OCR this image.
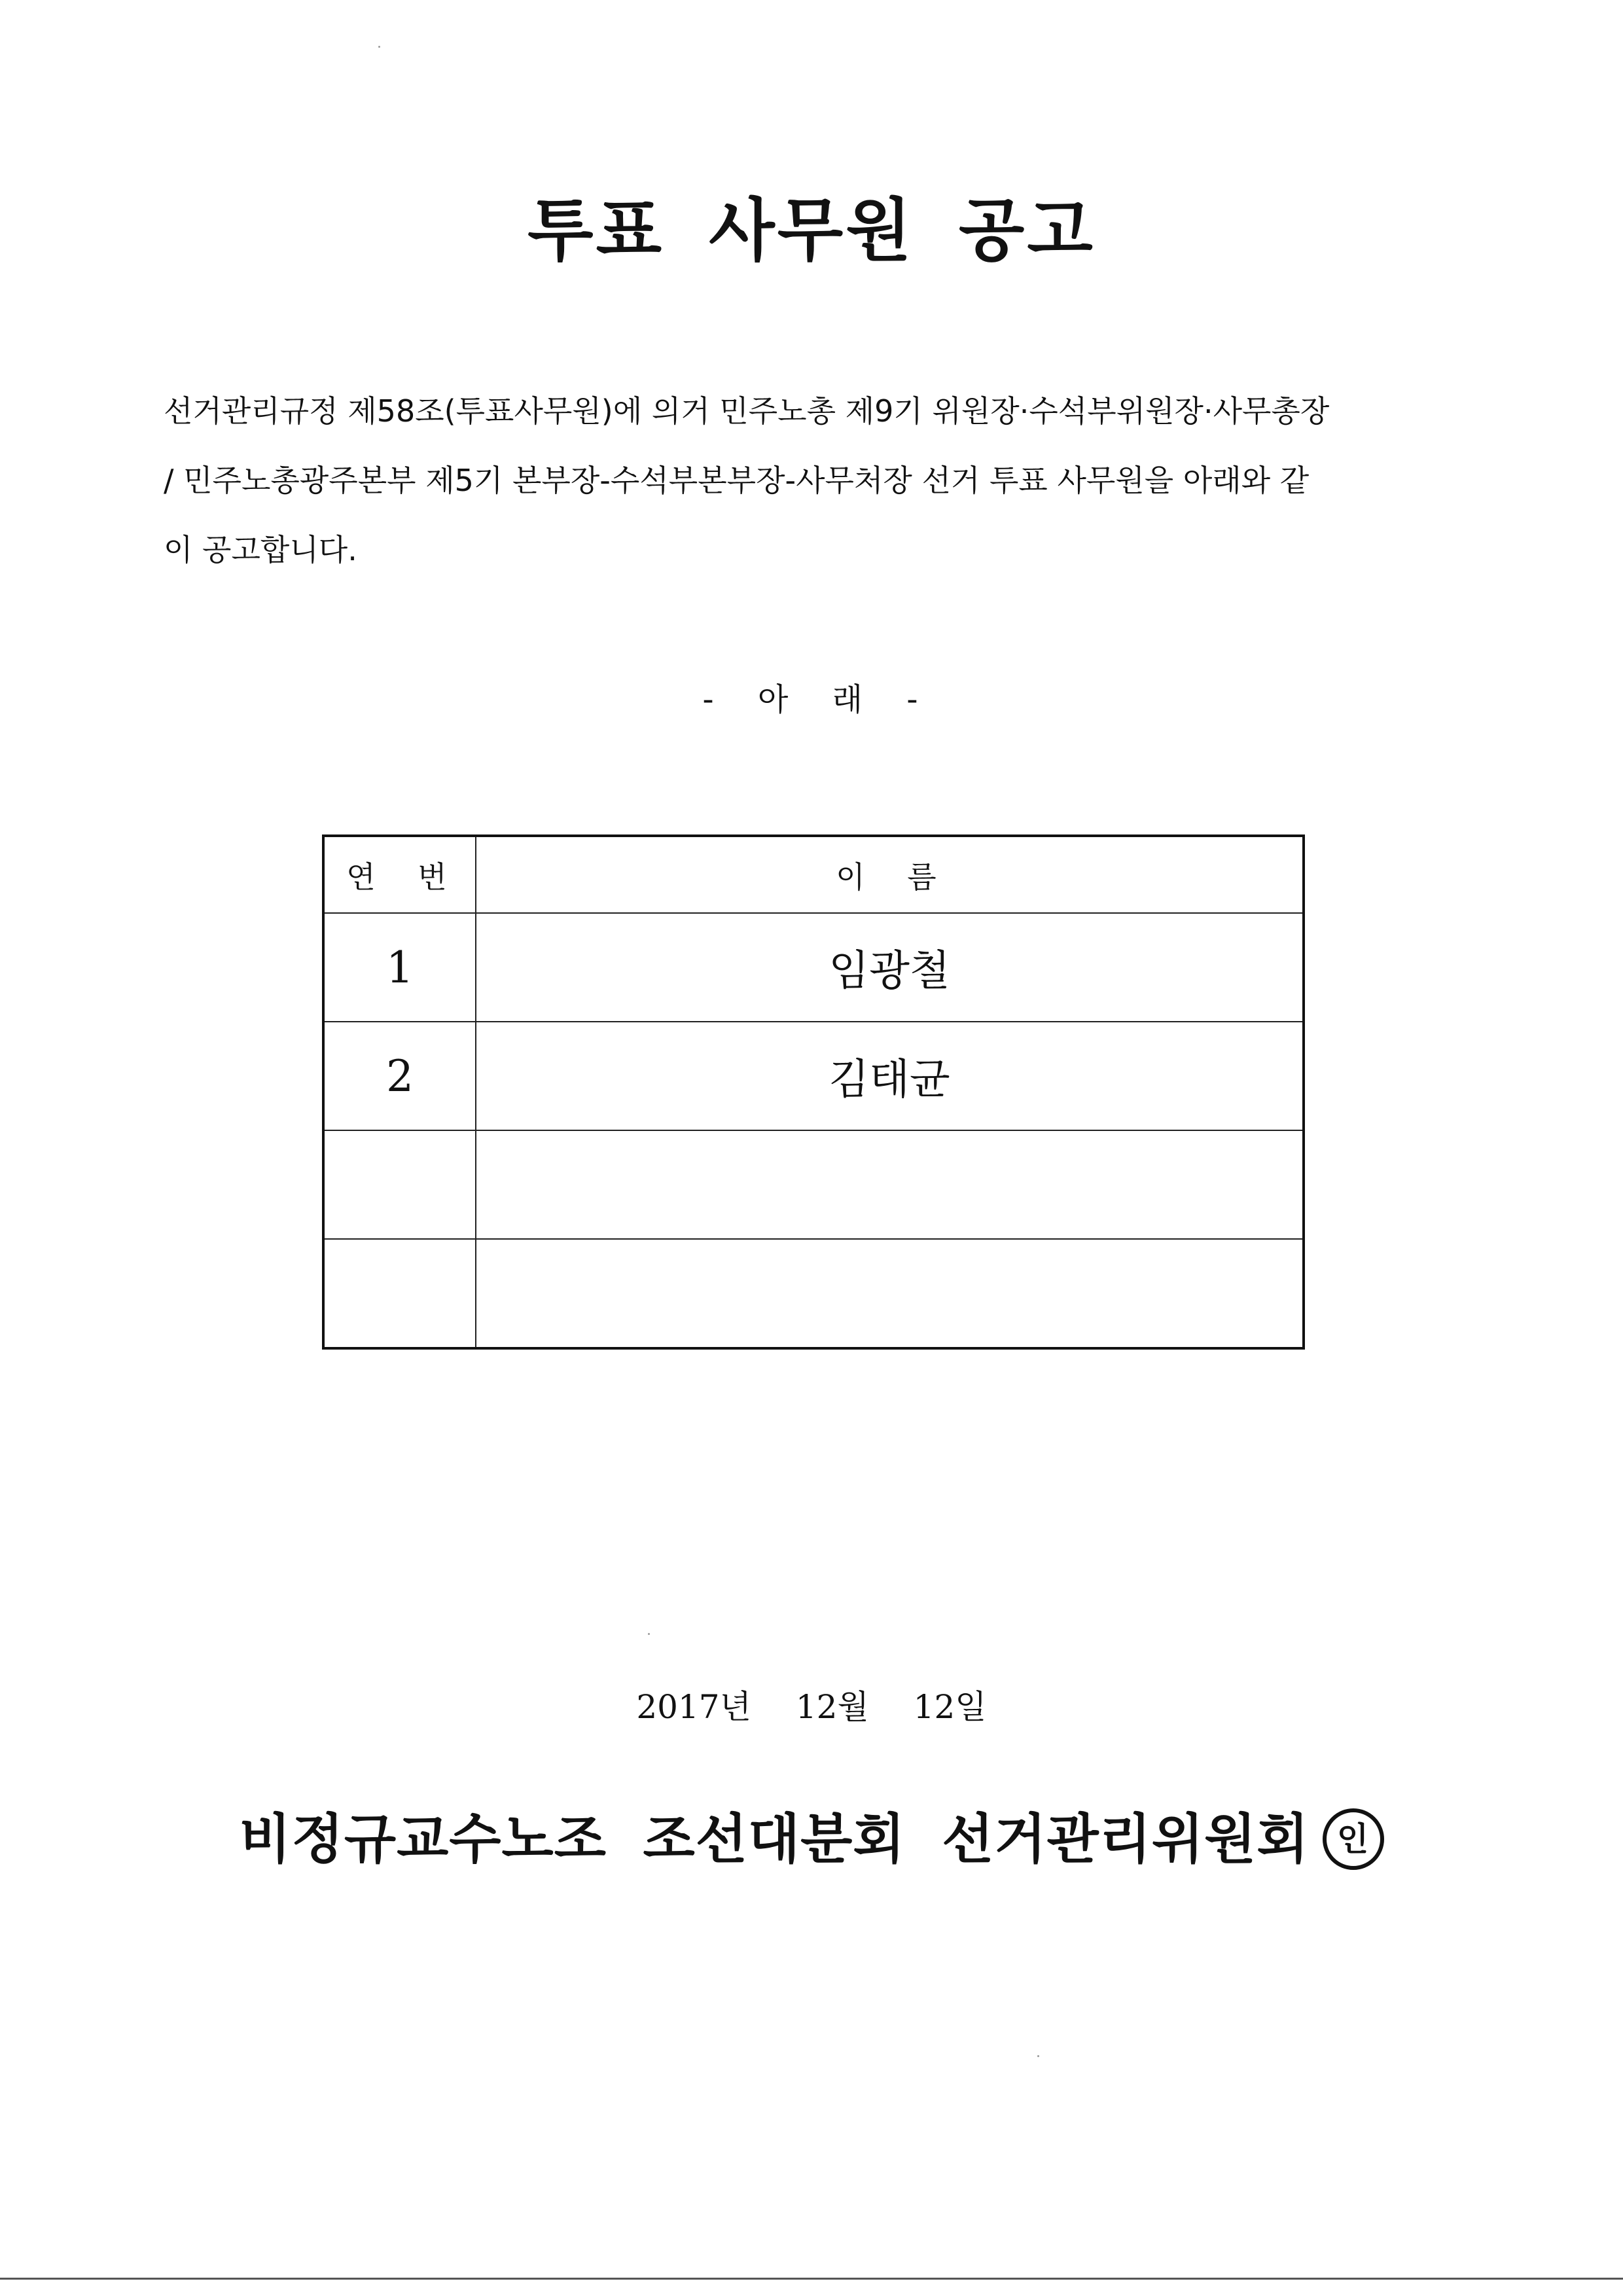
투표 사무원 공고

선거관리규정 제58조(투표사무원)에 의거 민주노총 제9기 위원장·수석부위원장·사무총장
/ 민주노총광주본부 제5기 본부장-수석부본부장-사무처장 선거 투표 사무원을 아래와 같
이 공고합니다.

- 아 래 -
연 번	이 름
1	임광철
2	김태균

2017년 12월 12일
비정규교수노조 조선대분회 선거관리위원회 인
